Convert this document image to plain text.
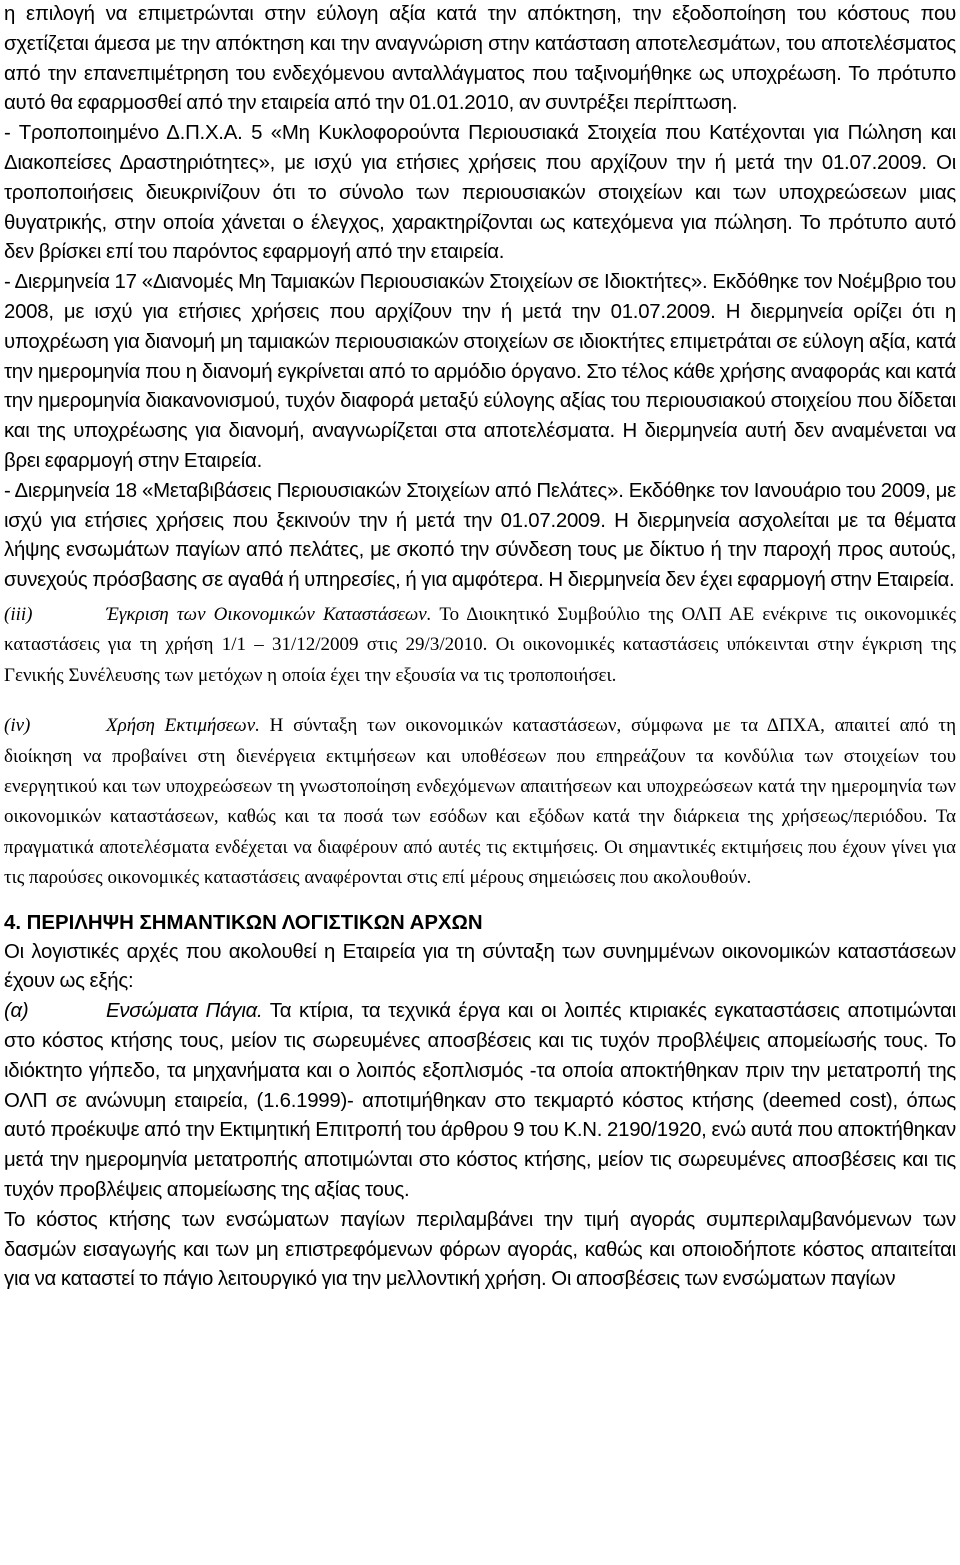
η επιλογή να επιμετρώνται στην εύλογη αξία κατά την απόκτηση, την εξοδοποίηση του κόστους που σχετίζεται άμεσα με την απόκτηση και την αναγνώριση στην κατάσταση αποτελεσμάτων, του αποτελέσματος από την επανεπιμέτρηση του ενδεχόμενου ανταλλάγματος που ταξινομήθηκε ως υποχρέωση. Το πρότυπο αυτό θα εφαρμοσθεί από την εταιρεία από την 01.01.2010, αν συντρέξει περίπτωση.

- Τροποποιημένο Δ.Π.Χ.Α. 5 «Μη Κυκλοφορούντα Περιουσιακά Στοιχεία που Κατέχονται για Πώληση και Διακοπείσες Δραστηριότητες», με ισχύ για ετήσιες χρήσεις που αρχίζουν την ή μετά την 01.07.2009. Οι τροποποιήσεις διευκρινίζουν ότι το σύνολο των περιουσιακών στοιχείων και των υποχρεώσεων μιας θυγατρικής, στην οποία χάνεται ο έλεγχος, χαρακτηρίζονται ως κατεχόμενα για πώληση. Το πρότυπο αυτό δεν βρίσκει επί του παρόντος εφαρμογή από την εταιρεία.

- Διερμηνεία 17 «Διανομές Μη Ταμιακών Περιουσιακών Στοιχείων σε Ιδιοκτήτες». Εκδόθηκε τον Νοέμβριο του 2008, με ισχύ για ετήσιες χρήσεις που αρχίζουν την ή μετά την 01.07.2009. Η διερμηνεία ορίζει ότι η υποχρέωση για διανομή μη ταμιακών περιουσιακών στοιχείων σε ιδιοκτήτες επιμετράται σε εύλογη αξία, κατά την ημερομηνία που η διανομή εγκρίνεται από το αρμόδιο όργανο. Στο τέλος κάθε χρήσης αναφοράς και κατά την ημερομηνία διακανονισμού, τυχόν διαφορά μεταξύ εύλογης αξίας του περιουσιακού στοιχείου που δίδεται και της υποχρέωσης για διανομή, αναγνωρίζεται στα αποτελέσματα. Η διερμηνεία αυτή δεν αναμένεται να βρει εφαρμογή στην Εταιρεία.

- Διερμηνεία 18 «Μεταβιβάσεις Περιουσιακών Στοιχείων από Πελάτες». Εκδόθηκε τον Ιανουάριο του 2009, με ισχύ για ετήσιες χρήσεις που ξεκινούν την ή μετά την 01.07.2009. Η διερμηνεία ασχολείται με τα θέματα λήψης ενσωμάτων παγίων από πελάτες, με σκοπό την σύνδεση τους με δίκτυο ή την παροχή προς αυτούς, συνεχούς πρόσβασης σε αγαθά ή υπηρεσίες, ή για αμφότερα. Η διερμηνεία δεν έχει εφαρμογή στην Εταιρεία.

(iii)	Έγκριση των Οικονομικών Καταστάσεων. Το Διοικητικό Συμβούλιο της ΟΛΠ ΑΕ ενέκρινε τις οικονομικές καταστάσεις για τη χρήση 1/1 – 31/12/2009 στις 29/3/2010. Οι οικονομικές καταστάσεις υπόκεινται στην έγκριση της Γενικής Συνέλευσης των μετόχων η οποία έχει την εξουσία να τις τροποποιήσει.

(iv)	Χρήση Εκτιμήσεων. Η σύνταξη των οικονομικών καταστάσεων, σύμφωνα με τα ΔΠΧΑ, απαιτεί από τη διοίκηση να προβαίνει στη διενέργεια εκτιμήσεων και υποθέσεων που επηρεάζουν τα κονδύλια των στοιχείων του ενεργητικού και των υποχρεώσεων τη γνωστοποίηση ενδεχόμενων απαιτήσεων και υποχρεώσεων κατά την ημερομηνία των οικονομικών καταστάσεων, καθώς και τα ποσά των εσόδων και εξόδων κατά την διάρκεια της χρήσεως/περιόδου. Τα πραγματικά αποτελέσματα ενδέχεται να διαφέρουν από αυτές τις εκτιμήσεις. Οι σημαντικές εκτιμήσεις που έχουν γίνει για τις παρούσες οικονομικές καταστάσεις αναφέρονται στις επί μέρους σημειώσεις που ακολουθούν.

4. ΠΕΡΙΛΗΨΗ ΣΗΜΑΝΤΙΚΩΝ ΛΟΓΙΣΤΙΚΩΝ ΑΡΧΩΝ

Οι λογιστικές αρχές που ακολουθεί η Εταιρεία για τη σύνταξη των συνημμένων οικονομικών καταστάσεων έχουν ως εξής:

(α)	Ενσώματα Πάγια. Τα κτίρια, τα τεχνικά έργα και οι λοιπές κτιριακές εγκαταστάσεις αποτιμώνται στο κόστος κτήσης τους, μείον τις σωρευμένες αποσβέσεις και τις τυχόν προβλέψεις απομείωσής τους. Το ιδιόκτητο γήπεδο, τα μηχανήματα και ο λοιπός εξοπλισμός -τα οποία αποκτήθηκαν πριν την μετατροπή της ΟΛΠ σε ανώνυμη εταιρεία, (1.6.1999)- αποτιμήθηκαν στο τεκμαρτό κόστος κτήσης (deemed cost), όπως αυτό προέκυψε από την Εκτιμητική Επιτροπή του άρθρου 9 του Κ.Ν. 2190/1920, ενώ αυτά που αποκτήθηκαν μετά την ημερομηνία μετατροπής αποτιμώνται στο κόστος κτήσης, μείον τις σωρευμένες αποσβέσεις και τις τυχόν προβλέψεις απομείωσης της αξίας τους.

Το κόστος κτήσης των ενσώματων παγίων περιλαμβάνει την τιμή αγοράς συμπεριλαμβανόμενων των δασμών εισαγωγής και των μη επιστρεφόμενων φόρων αγοράς, καθώς και οποιοδήποτε κόστος απαιτείται για να καταστεί το πάγιο λειτουργικό για την μελλοντική χρήση. Οι αποσβέσεις των ενσώματων παγίων
